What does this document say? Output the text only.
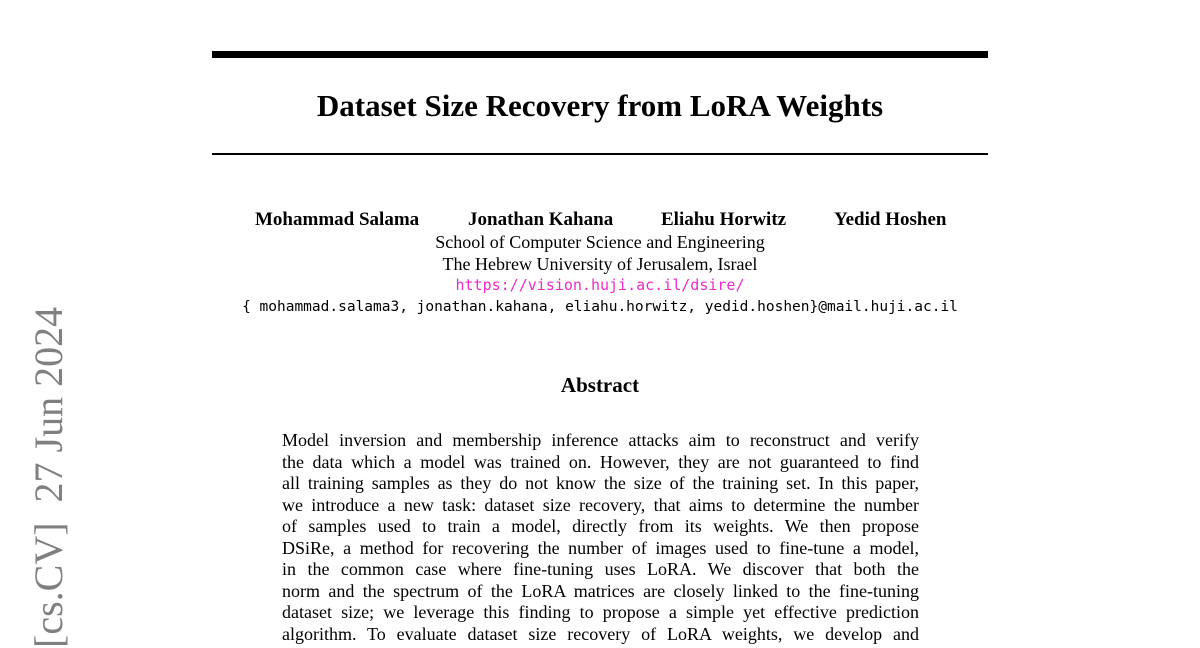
Dataset Size Recovery from LoRA Weights
Mohammad Salama	Jonathan Kahana	Eliahu Horwitz	Yedid Hoshen
School of Computer Science and Engineering
The Hebrew University of Jerusalem, Israel
https://vision.huji.ac.il/dsire/
{ mohammad.salama3, jonathan.kahana, eliahu.horwitz, yedid.hoshen}@mail.huji.ac.il
Abstract
Model inversion and membership inference attacks aim to reconstruct and verify
the data which a model was trained on. However, they are not guaranteed to find
all training samples as they do not know the size of the training set. In this paper,
we introduce a new task: dataset size recovery, that aims to determine the number
of samples used to train a model, directly from its weights. We then propose
DSiRe, a method for recovering the number of images used to fine-tune a model,
in the common case where fine-tuning uses LoRA. We discover that both the
norm and the spectrum of the LoRA matrices are closely linked to the fine-tuning
dataset size; we leverage this finding to propose a simple yet effective prediction
algorithm. To evaluate dataset size recovery of LoRA weights, we develop and
[cs.CV]  27 Jun 2024
